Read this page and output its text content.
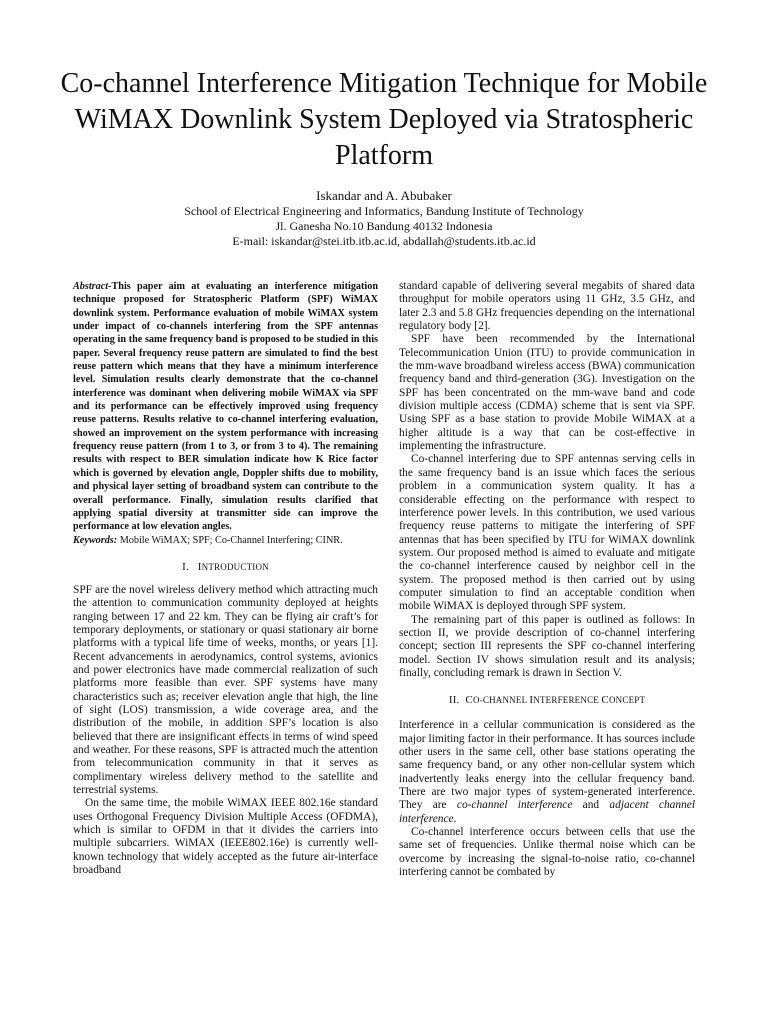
Co-channel Interference Mitigation Technique for Mobile WiMAX Downlink System Deployed via Stratospheric Platform
Iskandar and A. Abubaker
School of Electrical Engineering and Informatics, Bandung Institute of Technology
Jl. Ganesha No.10 Bandung 40132 Indonesia
E-mail: iskandar@stei.itb.itb.ac.id, abdallah@students.itb.ac.id

Abstract-This paper aim at evaluating an interference mitigation technique proposed for Stratospheric Platform (SPF) WiMAX downlink system. Performance evaluation of mobile WiMAX system under impact of co-channels interfering from the SPF antennas operating in the same frequency band is proposed to be studied in this paper. Several frequency reuse pattern are simulated to find the best reuse pattern which means that they have a minimum interference level. Simulation results clearly demonstrate that the co-channel interference was dominant when delivering mobile WiMAX via SPF and its performance can be effectively improved using frequency reuse patterns. Results relative to co-channel interfering evaluation, showed an improvement on the system performance with increasing frequency reuse pattern (from 1 to 3, or from 3 to 4). The remaining results with respect to BER simulation indicate how K Rice factor which is governed by elevation angle, Doppler shifts due to mobility, and physical layer setting of broadband system can contribute to the overall performance. Finally, simulation results clarified that applying spatial diversity at transmitter side can improve the performance at low elevation angles.

Keywords: Mobile WiMAX; SPF; Co-Channel Interfering; CINR.

I. INTRODUCTION

SPF are the novel wireless delivery method which attracting much the attention to communication community deployed at heights ranging between 17 and 22 km. They can be flying air craft’s for temporary deployments, or stationary or quasi stationary air borne platforms with a typical life time of weeks, months, or years [1]. Recent advancements in aerodynamics, control systems, avionics and power electronics have made commercial realization of such platforms more feasible than ever. SPF systems have many characteristics such as; receiver elevation angle that high, the line of sight (LOS) transmission, a wide coverage area, and the distribution of the mobile, in addition SPF’s location is also believed that there are insignificant effects in terms of wind speed and weather. For these reasons, SPF is attracted much the attention from telecommunication community in that it serves as complimentary wireless delivery method to the satellite and terrestrial systems.

On the same time, the mobile WiMAX IEEE 802.16e standard uses Orthogonal Frequency Division Multiple Access (OFDMA), which is similar to OFDM in that it divides the carriers into multiple subcarriers. WiMAX (IEEE802.16e) is currently well-known technology that widely accepted as the future air-interface broadband

standard capable of delivering several megabits of shared data throughput for mobile operators using 11 GHz, 3.5 GHz, and later 2.3 and 5.8 GHz frequencies depending on the international regulatory body [2].

SPF have been recommended by the International Telecommunication Union (ITU) to provide communication in the mm-wave broadband wireless access (BWA) communication frequency band and third-generation (3G). Investigation on the SPF has been concentrated on the mm-wave band and code division multiple access (CDMA) scheme that is sent via SPF. Using SPF as a base station to provide Mobile WiMAX at a higher altitude is a way that can be cost-effective in implementing the infrastructure.

Co-channel interfering due to SPF antennas serving cells in the same frequency band is an issue which faces the serious problem in a communication system quality. It has a considerable effecting on the performance with respect to interference power levels. In this contribution, we used various frequency reuse patterns to mitigate the interfering of SPF antennas that has been specified by ITU for WiMAX downlink system. Our proposed method is aimed to evaluate and mitigate the co-channel interference caused by neighbor cell in the system. The proposed method is then carried out by using computer simulation to find an acceptable condition when mobile WiMAX is deployed through SPF system.

The remaining part of this paper is outlined as follows: In section II, we provide description of co-channel interfering concept; section III represents the SPF co-channel interfering model. Section IV shows simulation result and its analysis; finally, concluding remark is drawn in Section V.

II. CO-CHANNEL INTERFERENCE CONCEPT

Interference in a cellular communication is considered as the major limiting factor in their performance. It has sources include other users in the same cell, other base stations operating the same frequency band, or any other non-cellular system which inadvertently leaks energy into the cellular frequency band. There are two major types of system-generated interference. They are co-channel interference and adjacent channel interference.

Co-channel interference occurs between cells that use the same set of frequencies. Unlike thermal noise which can be overcome by increasing the signal-to-noise ratio, co-channel interfering cannot be combated by
